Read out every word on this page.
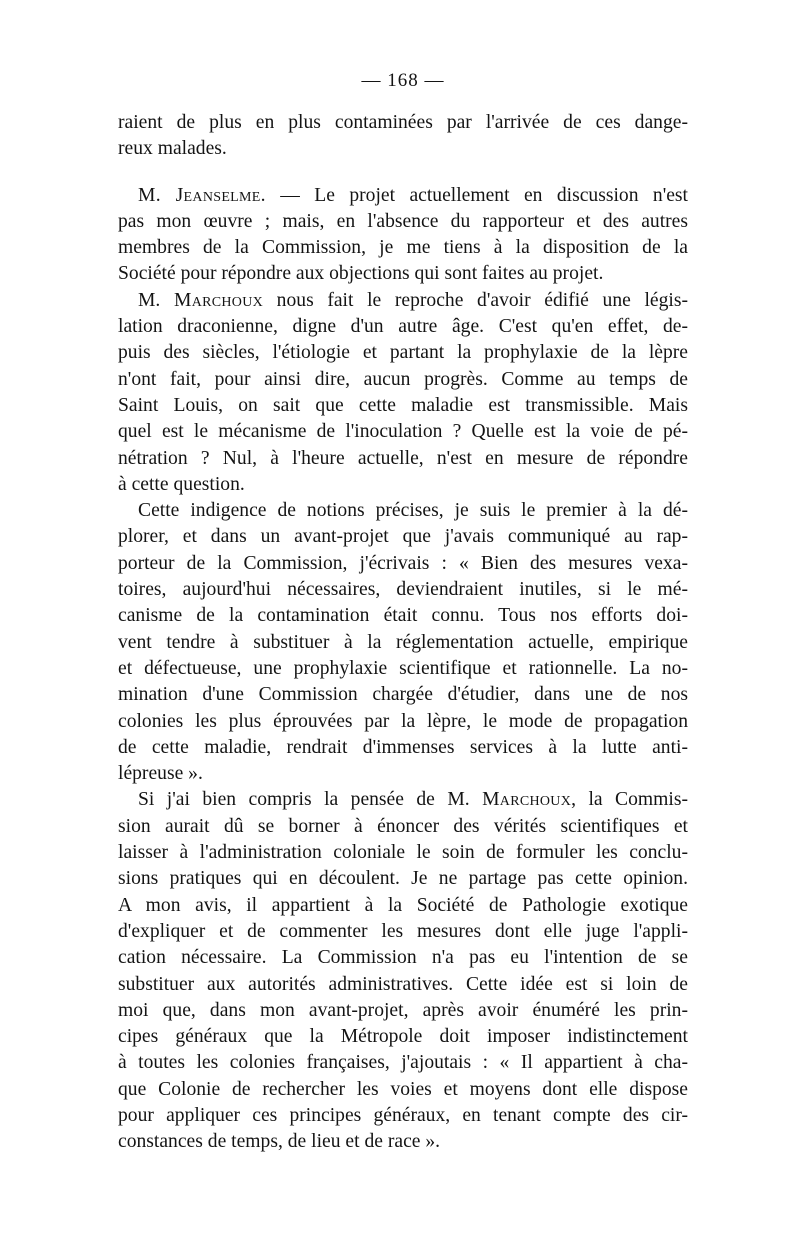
— 168 —
raient de plus en plus contaminées par l'arrivée de ces dange-
reux malades.
M. Jeanselme. — Le projet actuellement en discussion n'est
pas mon œuvre ; mais, en l'absence du rapporteur et des autres
membres de la Commission, je me tiens à la disposition de la
Société pour répondre aux objections qui sont faites au projet.
M. Marchoux nous fait le reproche d'avoir édifié une légis-
lation draconienne, digne d'un autre âge. C'est qu'en effet, de-
puis des siècles, l'étiologie et partant la prophylaxie de la lèpre
n'ont fait, pour ainsi dire, aucun progrès. Comme au temps de
Saint Louis, on sait que cette maladie est transmissible. Mais
quel est le mécanisme de l'inoculation ? Quelle est la voie de pé-
nétration ? Nul, à l'heure actuelle, n'est en mesure de répondre
à cette question.
Cette indigence de notions précises, je suis le premier à la dé-
plorer, et dans un avant-projet que j'avais communiqué au rap-
porteur de la Commission, j'écrivais : « Bien des mesures vexa-
toires, aujourd'hui nécessaires, deviendraient inutiles, si le mé-
canisme de la contamination était connu. Tous nos efforts doi-
vent tendre à substituer à la réglementation actuelle, empirique
et défectueuse, une prophylaxie scientifique et rationnelle. La no-
mination d'une Commission chargée d'étudier, dans une de nos
colonies les plus éprouvées par la lèpre, le mode de propagation
de cette maladie, rendrait d'immenses services à la lutte anti-
lépreuse ».
Si j'ai bien compris la pensée de M. Marchoux, la Commis-
sion aurait dû se borner à énoncer des vérités scientifiques et
laisser à l'administration coloniale le soin de formuler les conclu-
sions pratiques qui en découlent. Je ne partage pas cette opinion.
A mon avis, il appartient à la Société de Pathologie exotique
d'expliquer et de commenter les mesures dont elle juge l'appli-
cation nécessaire. La Commission n'a pas eu l'intention de se
substituer aux autorités administratives. Cette idée est si loin de
moi que, dans mon avant-projet, après avoir énuméré les prin-
cipes généraux que la Métropole doit imposer indistinctement
à toutes les colonies françaises, j'ajoutais : « Il appartient à cha-
que Colonie de rechercher les voies et moyens dont elle dispose
pour appliquer ces principes généraux, en tenant compte des cir-
constances de temps, de lieu et de race ».
